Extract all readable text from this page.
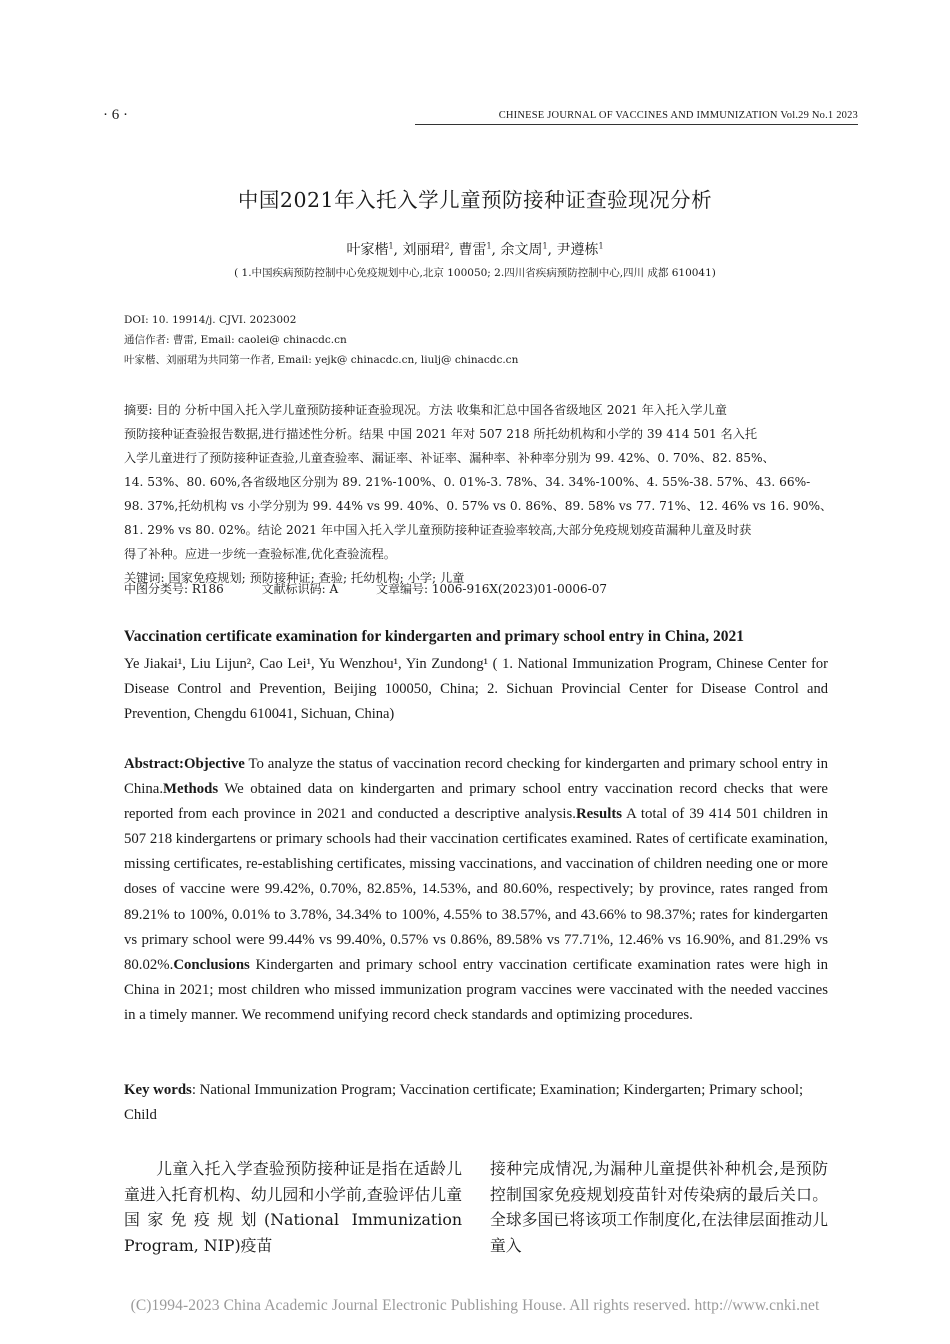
· 6 ·	CHINESE JOURNAL OF VACCINES AND IMMUNIZATION Vol.29 No.1 2023
中国2021年入托入学儿童预防接种证查验现况分析
叶家楷$^1$, 刘丽珺$^2$, 曹雷$^1$, 余文周$^1$, 尹遵栋$^1$
( 1.中国疾病预防控制中心免疫规划中心,北京 100050; 2.四川省疾病预防控制中心,四川 成都 610041)
DOI: 10. 19914/j. CJVI. 2023002
通信作者: 曹雷, Email: caolei@ chinacdc.cn
叶家楷、刘丽珺为共同第一作者, Email: yejk@ chinacdc.cn, liulj@ chinacdc.cn
摘要: 目的 分析中国入托入学儿童预防接种证查验现况。方法 收集和汇总中国各省级地区 2021 年入托入学儿童
预防接种证查验报告数据,进行描述性分析。结果 中国 2021 年对 507 218 所托幼机构和小学的 39 414 501 名入托
入学儿童进行了预防接种证查验,儿童查验率、漏证率、补证率、漏种率、补种率分别为 99. 42%、0. 70%、82. 85%、
14. 53%、80. 60%,各省级地区分别为 89. 21%-100%、0. 01%-3. 78%、34. 34%-100%、4. 55%-38. 57%、43. 66%-
98. 37%,托幼机构 vs 小学分别为 99. 44% vs 99. 40%、0. 57% vs 0. 86%、89. 58% vs 77. 71%、12. 46% vs 16. 90%、
81. 29% vs 80. 02%。结论 2021 年中国入托入学儿童预防接种证查验率较高,大部分免疫规划疫苗漏种儿童及时获
得了补种。应进一步统一查验标准,优化查验流程。
关键词: 国家免疫规划; 预防接种证; 查验; 托幼机构; 小学; 儿童
中图分类号: R186	文献标识码: A	文章编号: 1006-916X(2023)01-0006-07
Vaccination certificate examination for kindergarten and primary school entry in China, 2021
Ye Jiakai¹, Liu Lijun², Cao Lei¹, Yu Wenzhou¹, Yin Zundong¹ ( 1. National Immunization Program, Chinese Center for Disease Control and Prevention, Beijing 100050, China; 2. Sichuan Provincial Center for Disease Control and Prevention, Chengdu 610041, Sichuan, China)
Abstract:Objective To analyze the status of vaccination record checking for kindergarten and primary school entry in China.Methods We obtained data on kindergarten and primary school entry vaccination record checks that were reported from each province in 2021 and conducted a descriptive analysis.Results A total of 39 414 501 children in 507 218 kindergartens or primary schools had their vaccination certificates examined. Rates of certificate examination, missing certificates, re-establishing certificates, missing vaccinations, and vaccination of children needing one or more doses of vaccine were 99.42%, 0.70%, 82.85%, 14.53%, and 80.60%, respectively; by province, rates ranged from 89.21% to 100%, 0.01% to 3.78%, 34.34% to 100%, 4.55% to 38.57%, and 43.66% to 98.37%; rates for kindergarten vs primary school were 99.44% vs 99.40%, 0.57% vs 0.86%, 89.58% vs 77.71%, 12.46% vs 16.90%, and 81.29% vs 80.02%.Conclusions Kindergarten and primary school entry vaccination certificate examination rates were high in China in 2021; most children who missed immunization program vaccines were vaccinated with the needed vaccines in a timely manner. We recommend unifying record check standards and optimizing procedures.
Key words: National Immunization Program; Vaccination certificate; Examination; Kindergarten; Primary school; Child
儿童入托入学查验预防接种证是指在适龄儿童进入托育机构、幼儿园和小学前,查验评估儿童国家免疫规划(National Immunization Program, NIP)疫苗
接种完成情况,为漏种儿童提供补种机会,是预防控制国家免疫规划疫苗针对传染病的最后关口。全球多国已将该项工作制度化,在法律层面推动儿童入
(C)1994-2023 China Academic Journal Electronic Publishing House. All rights reserved. http://www.cnki.net
